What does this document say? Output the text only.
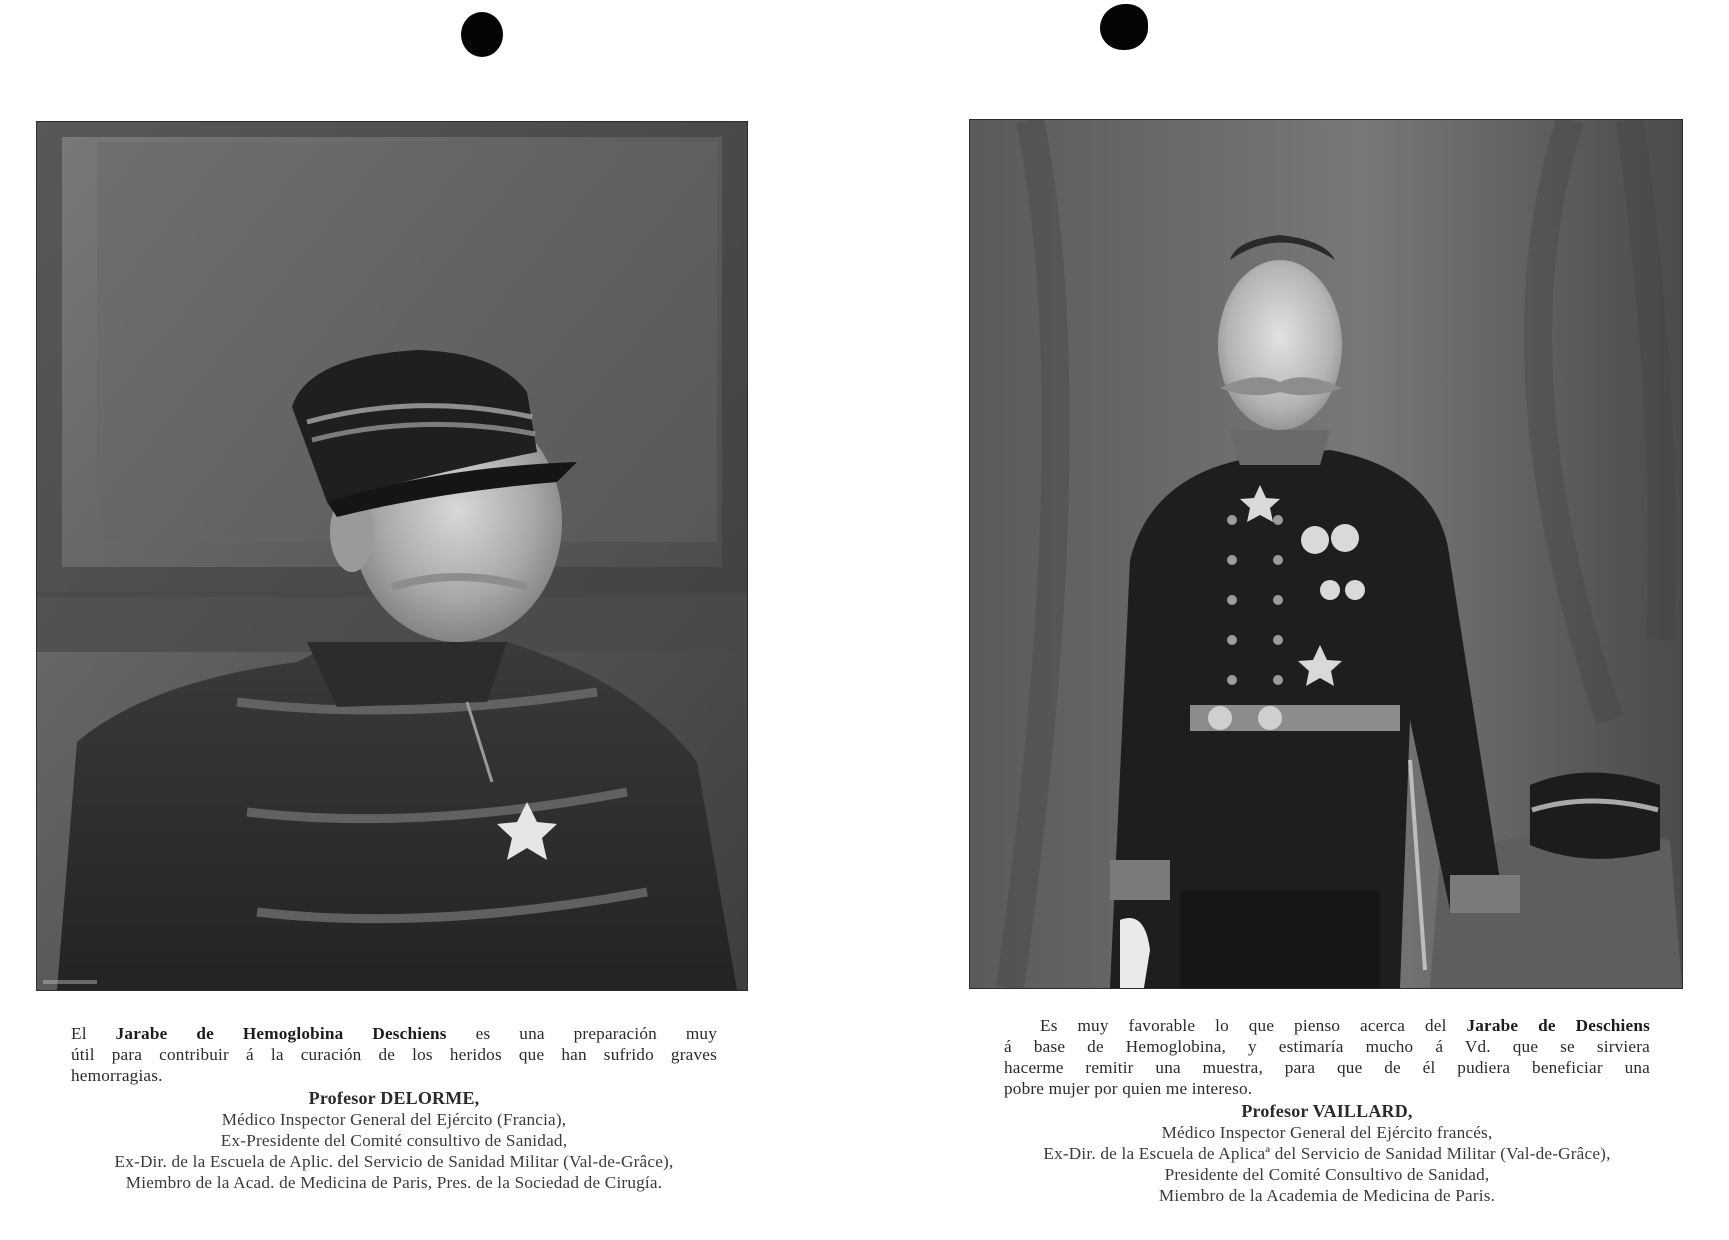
El Jarabe de Hemoglobina Deschiens es una preparación muy
útil para contribuir á la curación de los heridos que han sufrido graves
hemorragias.
Profesor DELORME,
Médico Inspector General del Ejército (Francia),
Ex-Presidente del Comité consultivo de Sanidad,
Ex-Dir. de la Escuela de Aplic. del Servicio de Sanidad Militar (Val-de-Grâce),
Miembro de la Acad. de Medicina de Paris, Pres. de la Sociedad de Cirugía.
Es muy favorable lo que pienso acerca del Jarabe de Deschiens
á base de Hemoglobina, y estimaría mucho á Vd. que se sirviera
hacerme remitir una muestra, para que de él pudiera beneficiar una
pobre mujer por quien me intereso.
Profesor VAILLARD,
Médico Inspector General del Ejército francés,
Ex-Dir. de la Escuela de Aplicaª del Servicio de Sanidad Militar (Val-de-Grâce),
Presidente del Comité Consultivo de Sanidad,
Miembro de la Academia de Medicina de Paris.
